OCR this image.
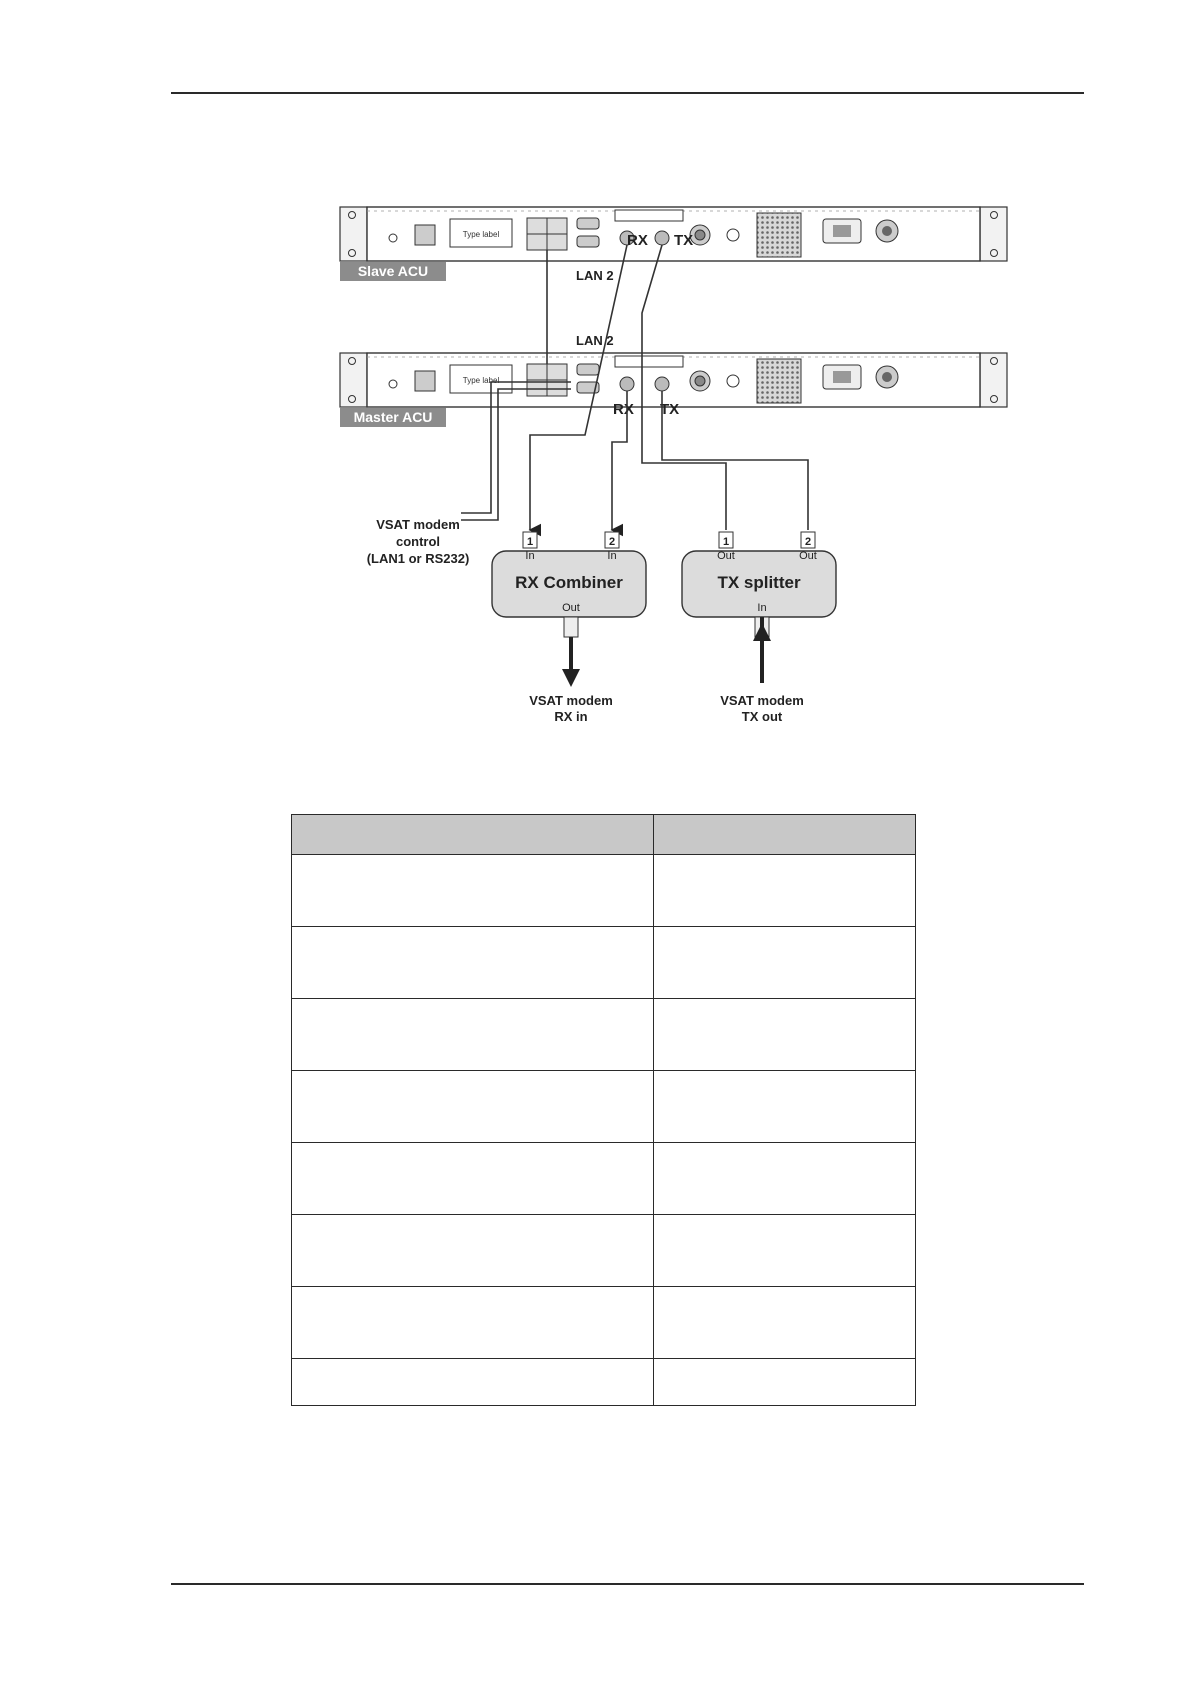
Type label	RX TX
Slave ACU	LAN 2
LAN 2
Type label
RX TX
Master ACU
VSAT modem
control
(LAN1 or RS232)
1
In
2
In
RX Combiner
Out
1
Out
2
Out
TX splitter
In
VSAT modem
RX in
VSAT modem
TX out
